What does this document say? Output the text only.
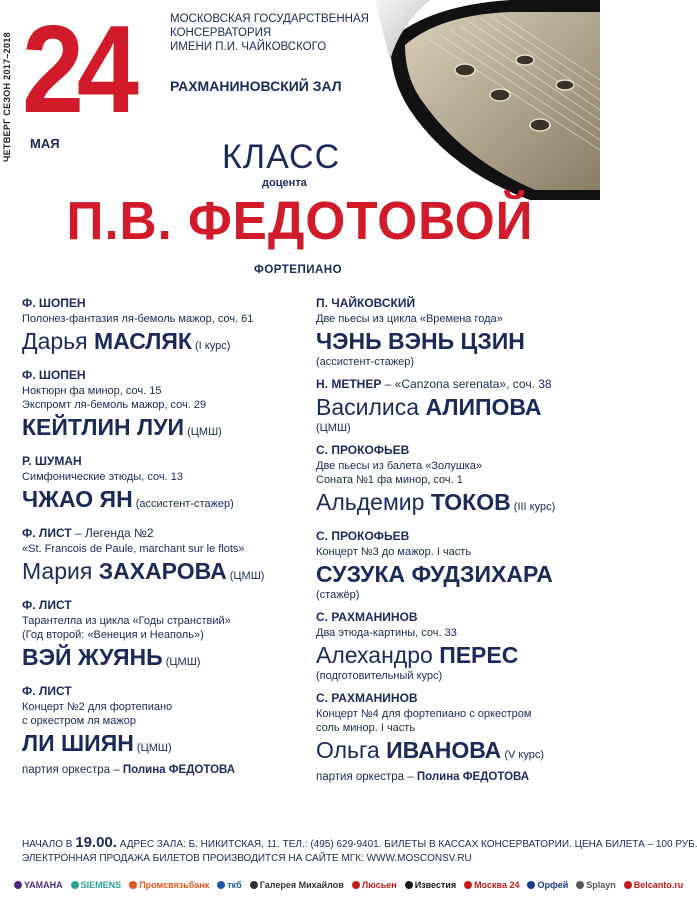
ЧЕТВЕРГ СЕЗОН 2017–2018 24
МАЯ
МОСКОВСКАЯ ГОСУДАРСТВЕННАЯ
КОНСЕРВАТОРИЯ
ИМЕНИ П.И. ЧАЙКОВСКОГО
РАХМАНИНОВСКИЙ ЗАЛ
КЛАСС
доцента
П.В. ФЕДОТОВОЙ
ФОРТЕПИАНО
Ф. ШОПЕН
Полонез-фантазия ля-бемоль мажор, соч. 61
Дарья МАСЛЯК (I курс)
Ф. ШОПЕН
Ноктюрн фа минор, соч. 15
Экспромт ля-бемоль мажор, соч. 29
КЕЙТЛИН ЛУИ (ЦМШ)
Р. ШУМАН
Симфонические этюды, соч. 13
ЧЖАО ЯН (ассистент-стажер)
Ф. ЛИСТ – Легенда №2
«St. Francois de Paule, marchant sur le flots»
Мария ЗАХАРОВА (ЦМШ)
Ф. ЛИСТ
Тарантелла из цикла «Годы странствий»
(Год второй: «Венеция и Неаполь»)
ВЭЙ ЖУЯНЬ (ЦМШ)
Ф. ЛИСТ
Концерт №2 для фортепиано
с оркестром ля мажор
ЛИ ШИЯН (ЦМШ)
партия оркестра – Полина ФЕДОТОВА
П. ЧАЙКОВСКИЙ
Две пьесы из цикла «Времена года»
ЧЭНЬ ВЭНЬ ЦЗИН
(ассистент-стажер)
Н. МЕТНЕР – «Canzona serenata», соч. 38
Василиса АЛИПОВА
(ЦМШ)
С. ПРОКОФЬЕВ
Две пьесы из балета «Золушка»
Соната №1 фа минор, соч. 1
Альдемир ТОКОВ (III курс)
С. ПРОКОФЬЕВ
Концерт №3 до мажор. I часть
СУЗУКА ФУДЗИХАРА
(стажёр)
С. РАХМАНИНОВ
Два этюда-картины, соч. 33
Алехандро ПЕРЕС
(подготовительный курс)
С. РАХМАНИНОВ
Концерт №4 для фортепиано с оркестром
соль минор. I часть
Ольга ИВАНОВА (V курс)
партия оркестра – Полина ФЕДОТОВА
НАЧАЛО В 19.00. АДРЕС ЗАЛА: Б. НИКИТСКАЯ, 11. ТЕЛ.: (495) 629-9401. БИЛЕТЫ В КАССАХ КОНСЕРВАТОРИИ. ЦЕНА БИЛЕТА – 100 РУБ.
ЭЛЕКТРОННАЯ ПРОДАЖА БИЛЕТОВ ПРОИЗВОДИТСЯ НА САЙТЕ МГК: WWW.MOSCONSV.RU
YAMAHA SIEMENS Промсвязьбанк ткб Галерея Михайлов Люсьен Известия Москва 24 Орфей Splayn Belcanto.ru
